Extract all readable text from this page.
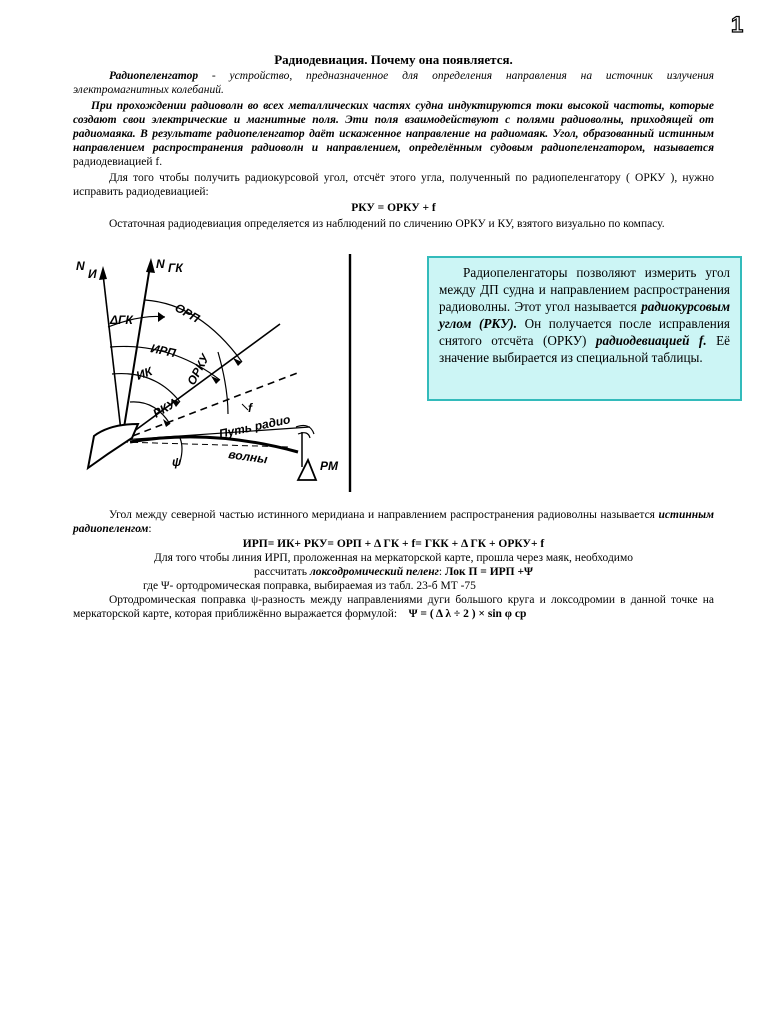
1
Радиодевиация. Почему она появляется.

Радиопеленгатор - устройство, предназначенное для определения направления на источник излучения электромагнитных колебаний.

При прохождении радиоволн во всех металлических частях судна индуктируются токи высокой частоты, которые создают свои электрические и магнитные поля. Эти поля взаимодействуют с полями радиоволны, приходящей от радиомаяка. В результате радиопеленгатор даёт искаженное направление на радиомаяк. Угол, образованный истинным направлением распространения радиоволн и направлением, определённым судовым радиопеленгатором, называется радиодевиацией f.

Для того чтобы получить радиокурсовой угол, отсчёт этого угла, полученный по радиопеленгатору ( ОРКУ ), нужно исправить радиодевиацией:

РКУ = ОРКУ + f

Остаточная радиодевиация определяется из наблюдений по сличению ОРКУ и КУ, взятого визуально по компасу.

N
И
N ГК
ΔГК	ОРП
ИРП
ИК	ОРКУ
РКУ	f
Путь радио
волны
ψ	РМ

Радиопеленгаторы позволяют измерить угол между ДП судна и направлением распространения радиоволны. Этот угол называется радиокурсовым углом (РКУ). Он получается после исправления снятого отсчёта (ОРКУ) радиодевиацией f. Её значение выбирается из специальной таблицы.

Угол между северной частью истинного меридиана и направлением распространения радиоволны называется истинным радиопеленгом:

ИРП= ИК+ РКУ= ОРП + Δ ГК + f= ГКК + Δ ГК + ОРКУ+ f

Для того чтобы линия ИРП, проложенная на меркаторской карте, прошла через маяк, необходимо

рассчитать локсодромический пеленг: Лок П = ИРП +Ψ

где Ψ- ортодромическая поправка, выбираемая из табл. 23-б МТ -75

Ортодромическая поправка ψ-разность между направлениями дуги большого круга и локсодромии в данной точке на меркаторской карте, которая приближённо выражается формулой: Ψ = ( Δ λ ÷ 2 ) × sin φ ср
